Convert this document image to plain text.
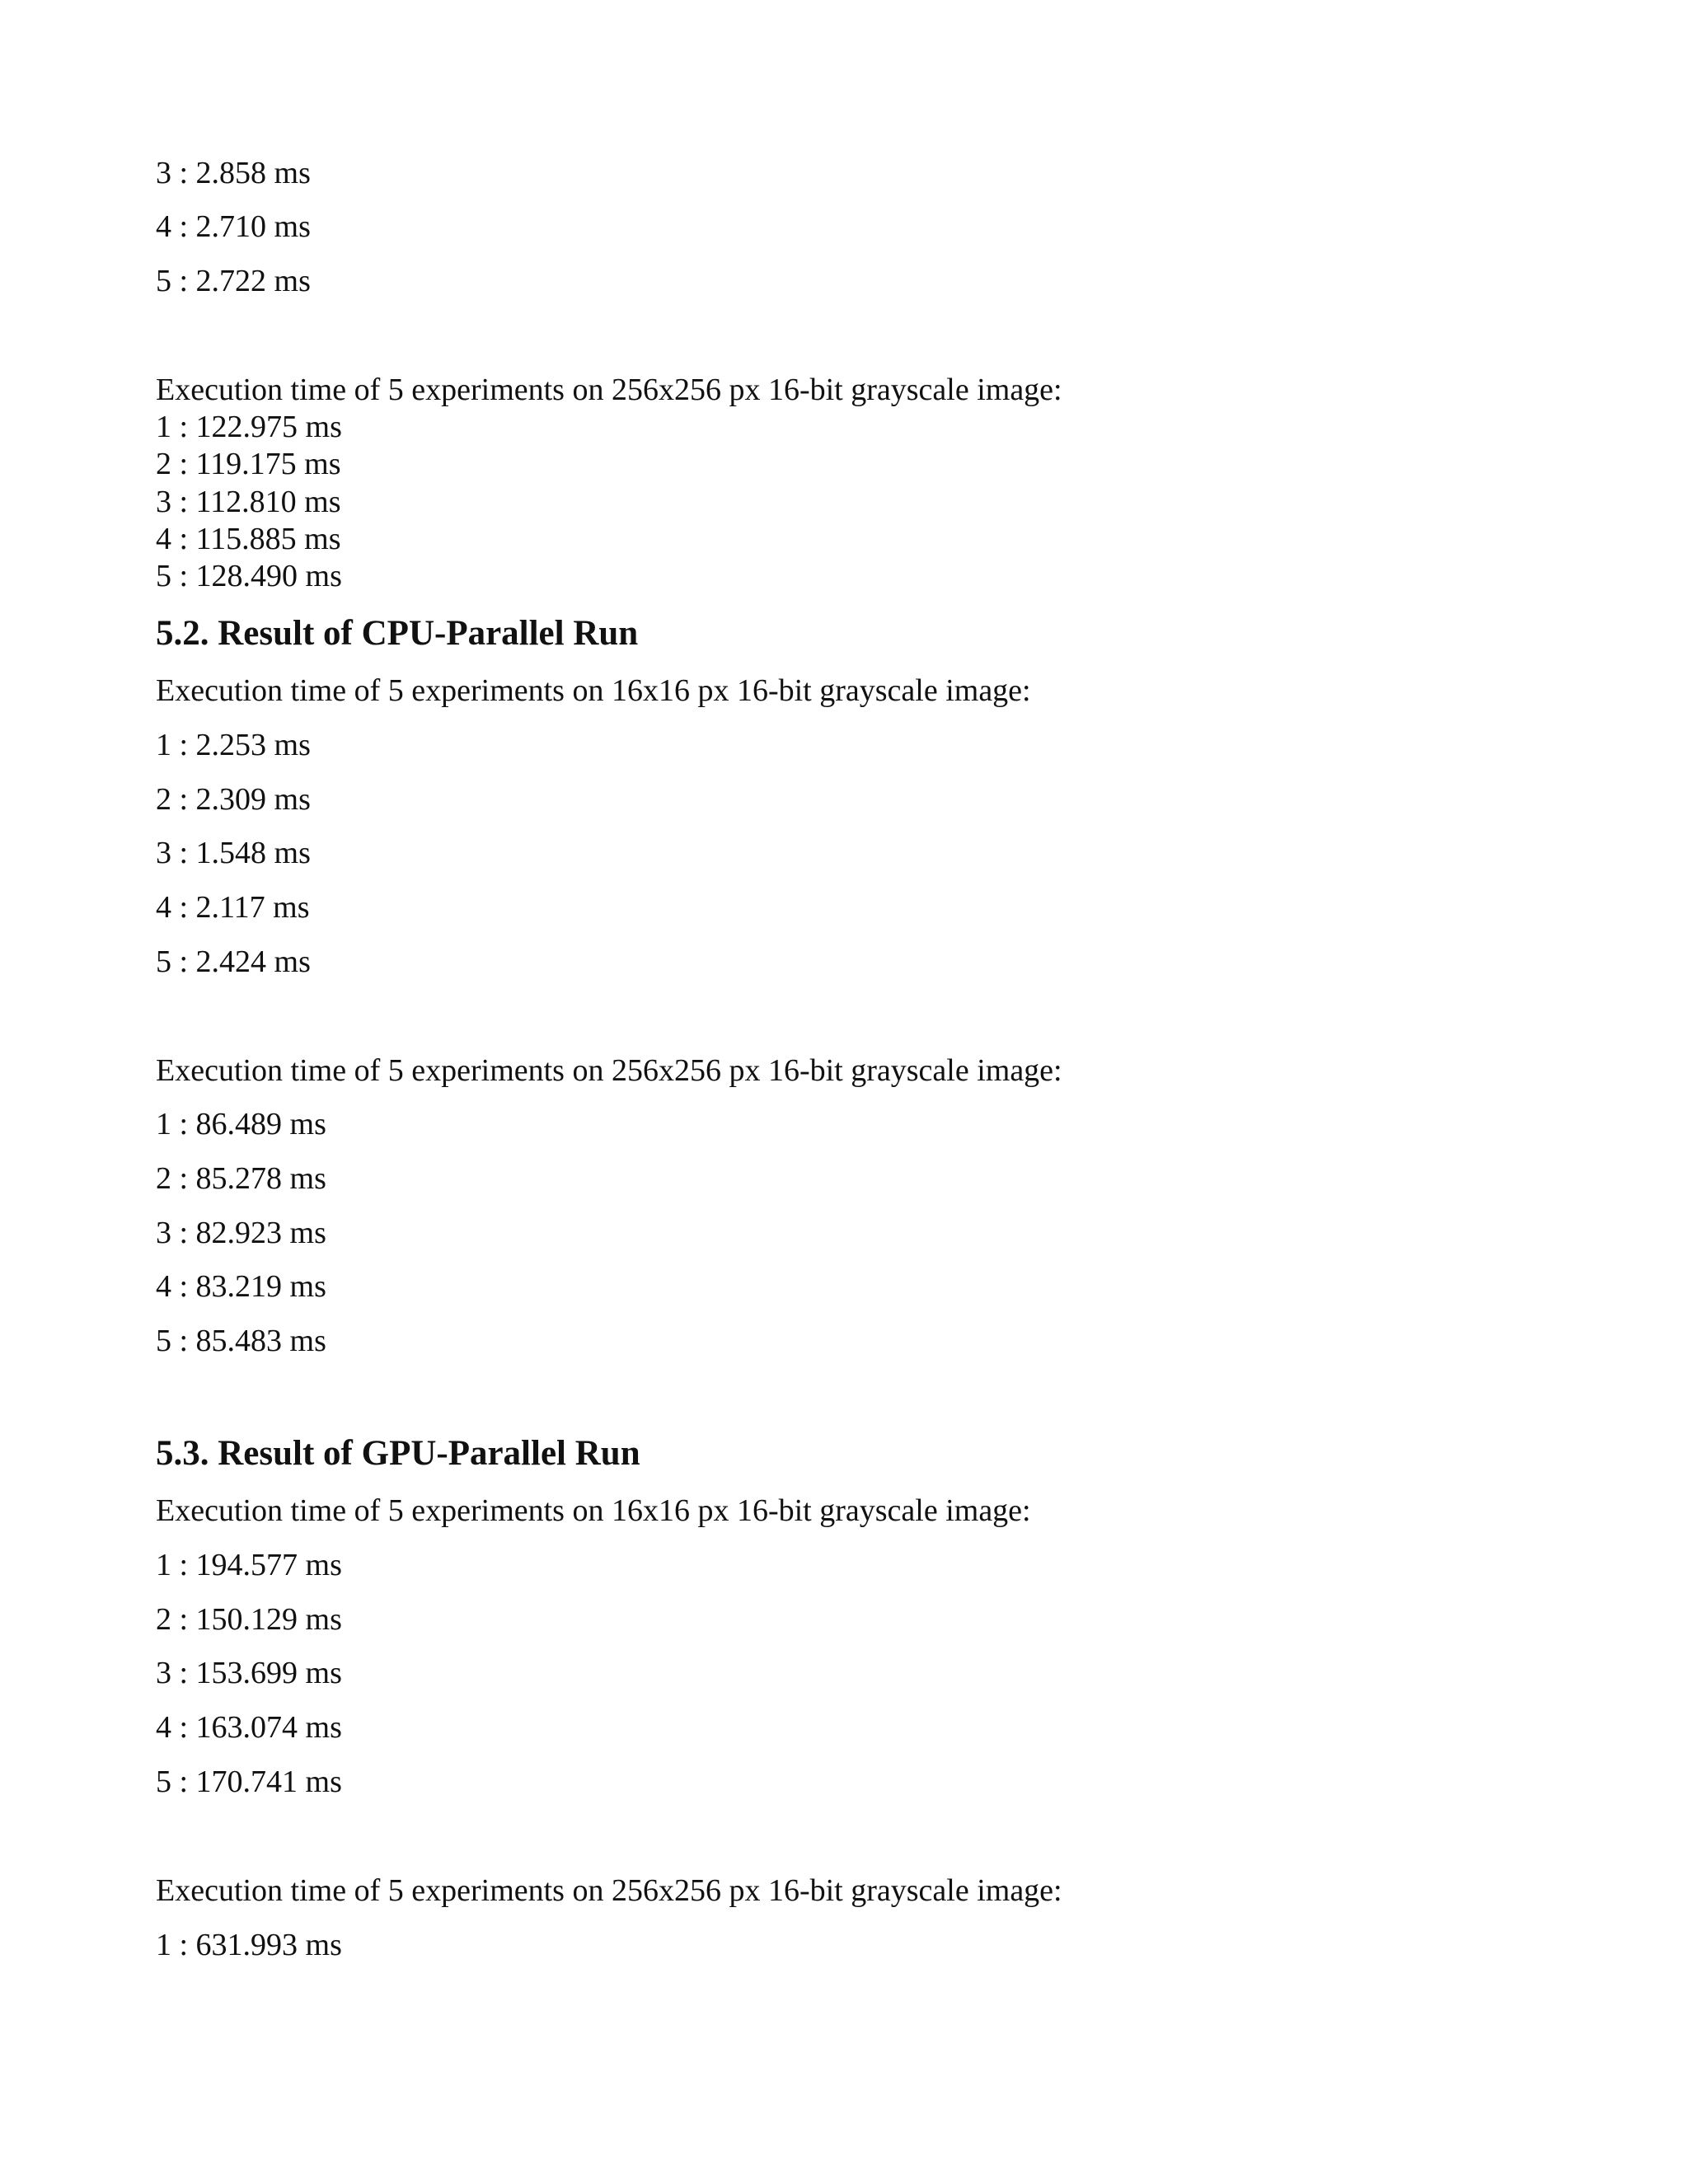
3 : 2.858 ms
4 : 2.710 ms
5 : 2.722 ms
Execution time of 5 experiments on 256x256 px 16-bit grayscale image:
1 : 122.975 ms
2 : 119.175 ms
3 : 112.810 ms
4 : 115.885 ms
5 : 128.490 ms
5.2. Result of CPU-Parallel Run
Execution time of 5 experiments on 16x16 px 16-bit grayscale image:
1 : 2.253 ms
2 : 2.309 ms
3 : 1.548 ms
4 : 2.117 ms
5 : 2.424 ms
Execution time of 5 experiments on 256x256 px 16-bit grayscale image:
1 : 86.489 ms
2 : 85.278 ms
3 : 82.923 ms
4 : 83.219 ms
5 : 85.483 ms
5.3. Result of GPU-Parallel Run
Execution time of 5 experiments on 16x16 px 16-bit grayscale image:
1 : 194.577 ms
2 : 150.129 ms
3 : 153.699 ms
4 : 163.074 ms
5 : 170.741 ms
Execution time of 5 experiments on 256x256 px 16-bit grayscale image:
1 : 631.993 ms
